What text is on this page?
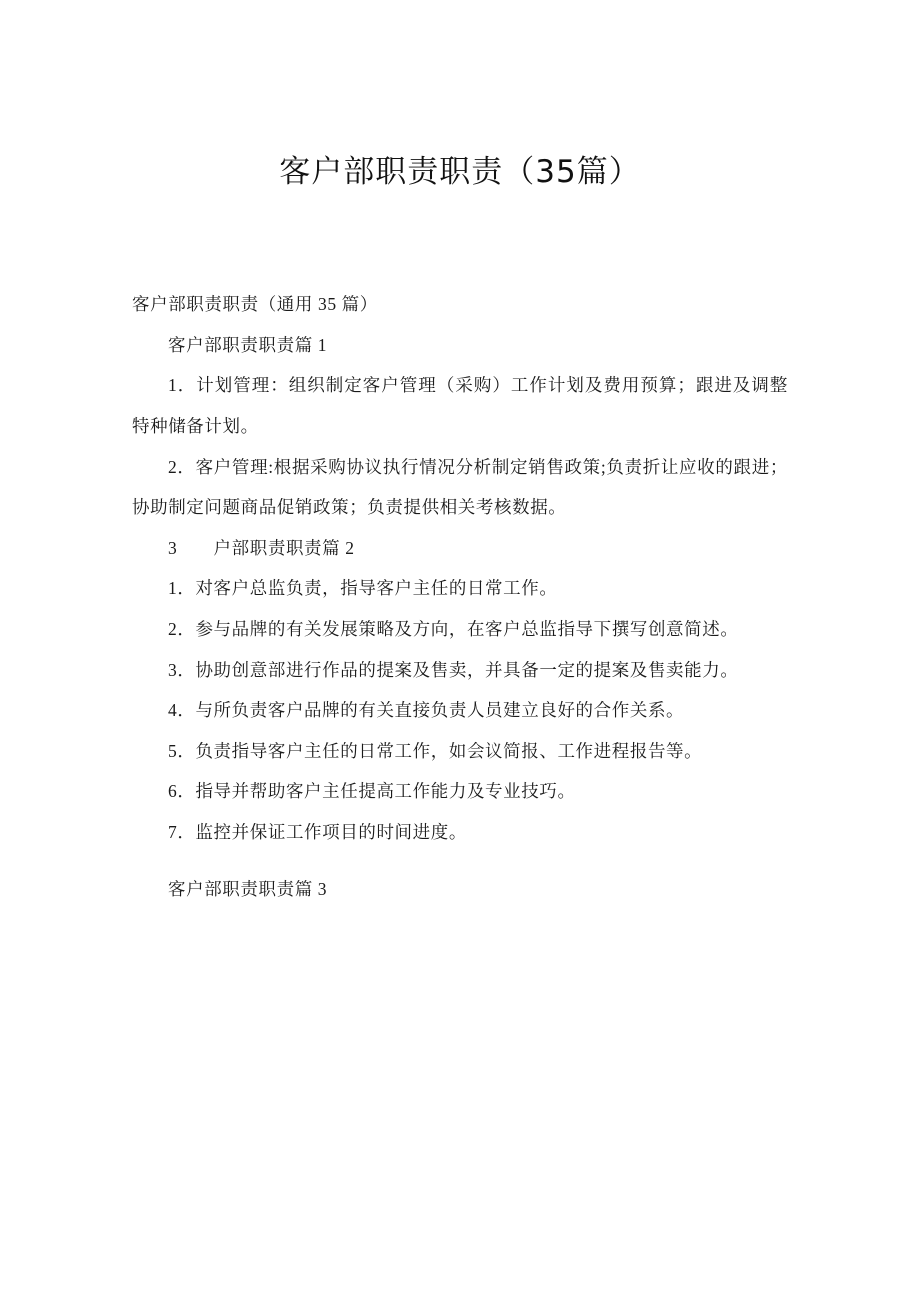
客户部职责职责（35篇）

客户部职责职责（通用 35 篇）

客户部职责职责篇 1

1．计划管理：组织制定客户管理（采购）工作计划及费用预算；跟进及调整特种储备计划。

2．客户管理:根据采购协议执行情况分析制定销售政策;负责折让应收的跟进；协助制定问题商品促销政策；负责提供相关考核数据。

3　　户部职责职责篇 2

1．对客户总监负责，指导客户主任的日常工作。

2．参与品牌的有关发展策略及方向，在客户总监指导下撰写创意简述。

3．协助创意部进行作品的提案及售卖，并具备一定的提案及售卖能力。

4．与所负责客户品牌的有关直接负责人员建立良好的合作关系。

5．负责指导客户主任的日常工作，如会议简报、工作进程报告等。

6．指导并帮助客户主任提高工作能力及专业技巧。

7．监控并保证工作项目的时间进度。

客户部职责职责篇 3
